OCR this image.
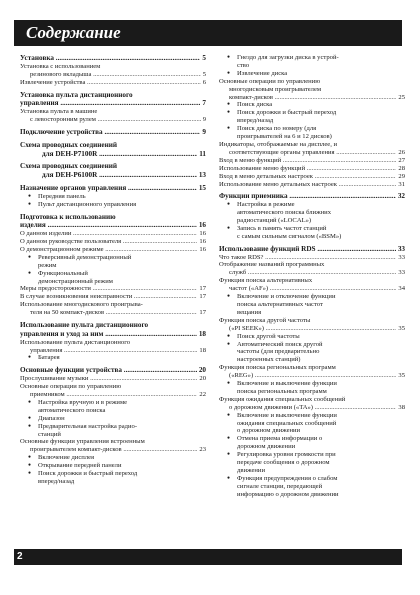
Содержание
Установка .....	5
Установка с использованием
резинового вкладыша .....	5
Извлечение устройства .....	6
Установка пульта дистанционного
управления .....	7
Установка пульта в машине
с левосторонним рулем .....	9
Подключение устройства .....	9
Схема проводных соединений
для DEH-P7100R .....	11
Схема проводных соединений
для DEH-P6100R .....	13
Назначение органов управления .....	15
● Передняя панель
● Пульт дистанционного управления
Подготовка к использованию
изделия .....	16
О данном изделии .....	16
О данном руководстве пользователя .....	16
О демонстрационном режиме .....	16
● Реверсивный демонстрационный
режим
● Функциональный
демонстрационный режим
Меры предосторожности .....	17
В случае возникновения неисправности .....	17
Использование многодискового проигрыва-
теля на 50 компакт-дисков .....	17
Использование пульта дистанционного
управления и уход за ним .....	18
Использование пульта дистанционного
управления .....	18
● Батарея
Основные функции устройства .....	20
Прослушивание музыки .....	20
Основные операции по управлению
приемником .....	22
● Настройка вручную и в режиме
автоматического поиска
● Диапазон
● Предварительная настройка радио-
станций
Основные функции управления встроенным
проигрывателем компакт-дисков .....	23
● Включение дисплея
● Открывание передней панели
● Поиск дорожки и быстрый переход
вперед/назад
● Гнездо для загрузки диска в устрой-
ство
● Извлечение диска
Основные операции по управлению
многодисковым проигрывателем
компакт-дисков .....	25
● Поиск диска
● Поиск дорожки и быстрый переход
вперед/назад
● Поиск диска по номеру (для
проигрывателей на 6 и 12 дисков)
Индикаторы, отображаемые на дисплее, и
соответствующие органы управления .....	26
Вход в меню функций .....	27
Использование меню функций .....	28
Вход в меню детальных настроек .....	29
Использование меню детальных настроек .....	31
Функции приемника .....	32
● Настройка в режиме
автоматического поиска ближних
радиостанций («LOCAL»)
● Запись в память частот станций
с самым сильным сигналом («BSM»)
Использование функций RDS .....	33
Что такое RDS? .....	33
Отображение названий программных
служб .....	33
Функция поиска альтернативных
частот («AF») .....	34
● Включение и отключение функции
поиска альтернативных частот
вещания
Функция поиска другой частоты
(«PI SEEK») .....	35
● Поиск другой частоты
● Автоматический поиск другой
частоты (для предварительно
настроенных станций)
Функция поиска региональных программ
(«REG») .....	35
● Включение и выключение функции
поиска региональных программ
Функция ожидания специальных сообщений
о дорожном движении («TA») .....	38
● Включение и выключение функции
ожидания специальных сообщений
о дорожном движении
● Отмена приема информации о
дорожном движении
● Регулировка уровня громкости при
передаче сообщения о дорожном
движении
● Функция предупреждения о слабом
сигнале станции, передающей
информацию о дорожном движении
2
